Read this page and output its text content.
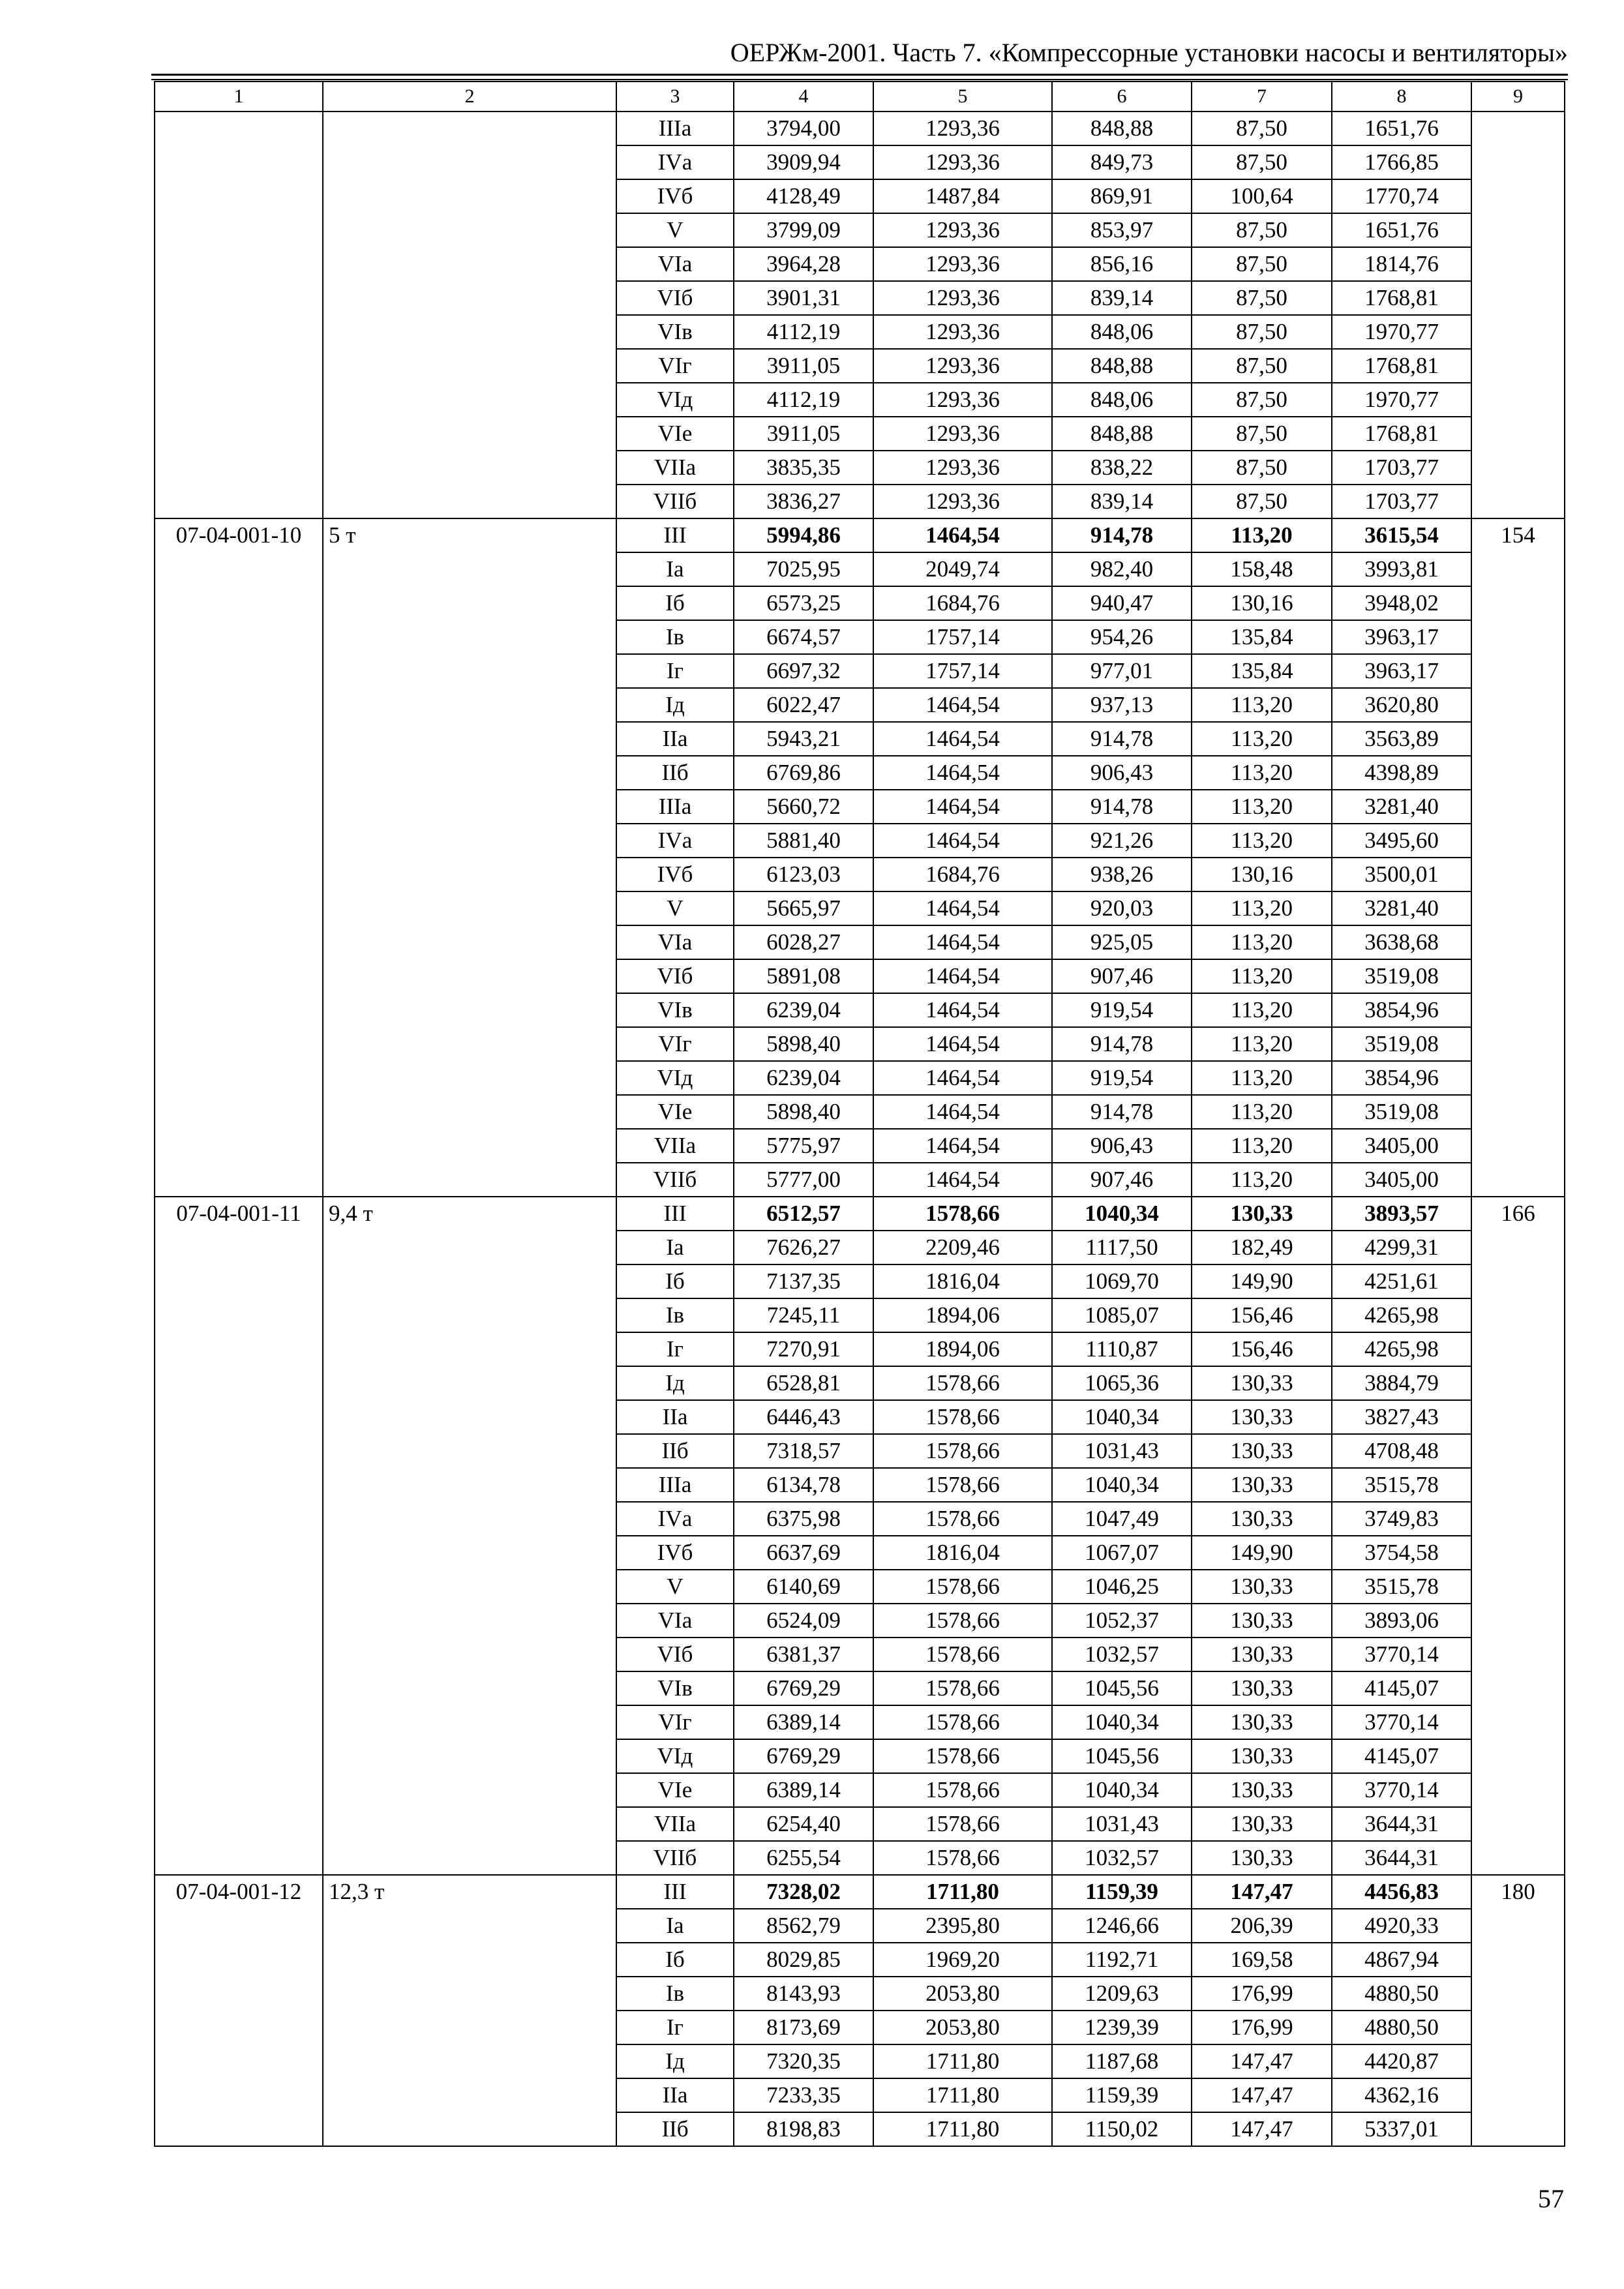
ОЕРЖм-2001. Часть 7. «Компрессорные установки насосы и вентиляторы»
1	2	3	4	5	6	7	8	9
		IIIа	3794,00	1293,36	848,88	87,50	1651,76	
		IVа	3909,94	1293,36	849,73	87,50	1766,85	
		IVб	4128,49	1487,84	869,91	100,64	1770,74	
		V	3799,09	1293,36	853,97	87,50	1651,76	
		VIа	3964,28	1293,36	856,16	87,50	1814,76	
		VIб	3901,31	1293,36	839,14	87,50	1768,81	
		VIв	4112,19	1293,36	848,06	87,50	1970,77	
		VIг	3911,05	1293,36	848,88	87,50	1768,81	
		VIд	4112,19	1293,36	848,06	87,50	1970,77	
		VIе	3911,05	1293,36	848,88	87,50	1768,81	
		VIIа	3835,35	1293,36	838,22	87,50	1703,77	
		VIIб	3836,27	1293,36	839,14	87,50	1703,77	
07-04-001-10	5 т	III	5994,86	1464,54	914,78	113,20	3615,54	154
		Iа	7025,95	2049,74	982,40	158,48	3993,81	
		Iб	6573,25	1684,76	940,47	130,16	3948,02	
		Iв	6674,57	1757,14	954,26	135,84	3963,17	
		Iг	6697,32	1757,14	977,01	135,84	3963,17	
		Iд	6022,47	1464,54	937,13	113,20	3620,80	
		IIа	5943,21	1464,54	914,78	113,20	3563,89	
		IIб	6769,86	1464,54	906,43	113,20	4398,89	
		IIIа	5660,72	1464,54	914,78	113,20	3281,40	
		IVа	5881,40	1464,54	921,26	113,20	3495,60	
		IVб	6123,03	1684,76	938,26	130,16	3500,01	
		V	5665,97	1464,54	920,03	113,20	3281,40	
		VIа	6028,27	1464,54	925,05	113,20	3638,68	
		VIб	5891,08	1464,54	907,46	113,20	3519,08	
		VIв	6239,04	1464,54	919,54	113,20	3854,96	
		VIг	5898,40	1464,54	914,78	113,20	3519,08	
		VIд	6239,04	1464,54	919,54	113,20	3854,96	
		VIе	5898,40	1464,54	914,78	113,20	3519,08	
		VIIа	5775,97	1464,54	906,43	113,20	3405,00	
		VIIб	5777,00	1464,54	907,46	113,20	3405,00	
07-04-001-11	9,4 т	III	6512,57	1578,66	1040,34	130,33	3893,57	166
		Iа	7626,27	2209,46	1117,50	182,49	4299,31	
		Iб	7137,35	1816,04	1069,70	149,90	4251,61	
		Iв	7245,11	1894,06	1085,07	156,46	4265,98	
		Iг	7270,91	1894,06	1110,87	156,46	4265,98	
		Iд	6528,81	1578,66	1065,36	130,33	3884,79	
		IIа	6446,43	1578,66	1040,34	130,33	3827,43	
		IIб	7318,57	1578,66	1031,43	130,33	4708,48	
		IIIа	6134,78	1578,66	1040,34	130,33	3515,78	
		IVа	6375,98	1578,66	1047,49	130,33	3749,83	
		IVб	6637,69	1816,04	1067,07	149,90	3754,58	
		V	6140,69	1578,66	1046,25	130,33	3515,78	
		VIа	6524,09	1578,66	1052,37	130,33	3893,06	
		VIб	6381,37	1578,66	1032,57	130,33	3770,14	
		VIв	6769,29	1578,66	1045,56	130,33	4145,07	
		VIг	6389,14	1578,66	1040,34	130,33	3770,14	
		VIд	6769,29	1578,66	1045,56	130,33	4145,07	
		VIе	6389,14	1578,66	1040,34	130,33	3770,14	
		VIIа	6254,40	1578,66	1031,43	130,33	3644,31	
		VIIб	6255,54	1578,66	1032,57	130,33	3644,31	
07-04-001-12	12,3 т	III	7328,02	1711,80	1159,39	147,47	4456,83	180
		Iа	8562,79	2395,80	1246,66	206,39	4920,33	
		Iб	8029,85	1969,20	1192,71	169,58	4867,94	
		Iв	8143,93	2053,80	1209,63	176,99	4880,50	
		Iг	8173,69	2053,80	1239,39	176,99	4880,50	
		Iд	7320,35	1711,80	1187,68	147,47	4420,87	
		IIа	7233,35	1711,80	1159,39	147,47	4362,16	
		IIб	8198,83	1711,80	1150,02	147,47	5337,01	
57
